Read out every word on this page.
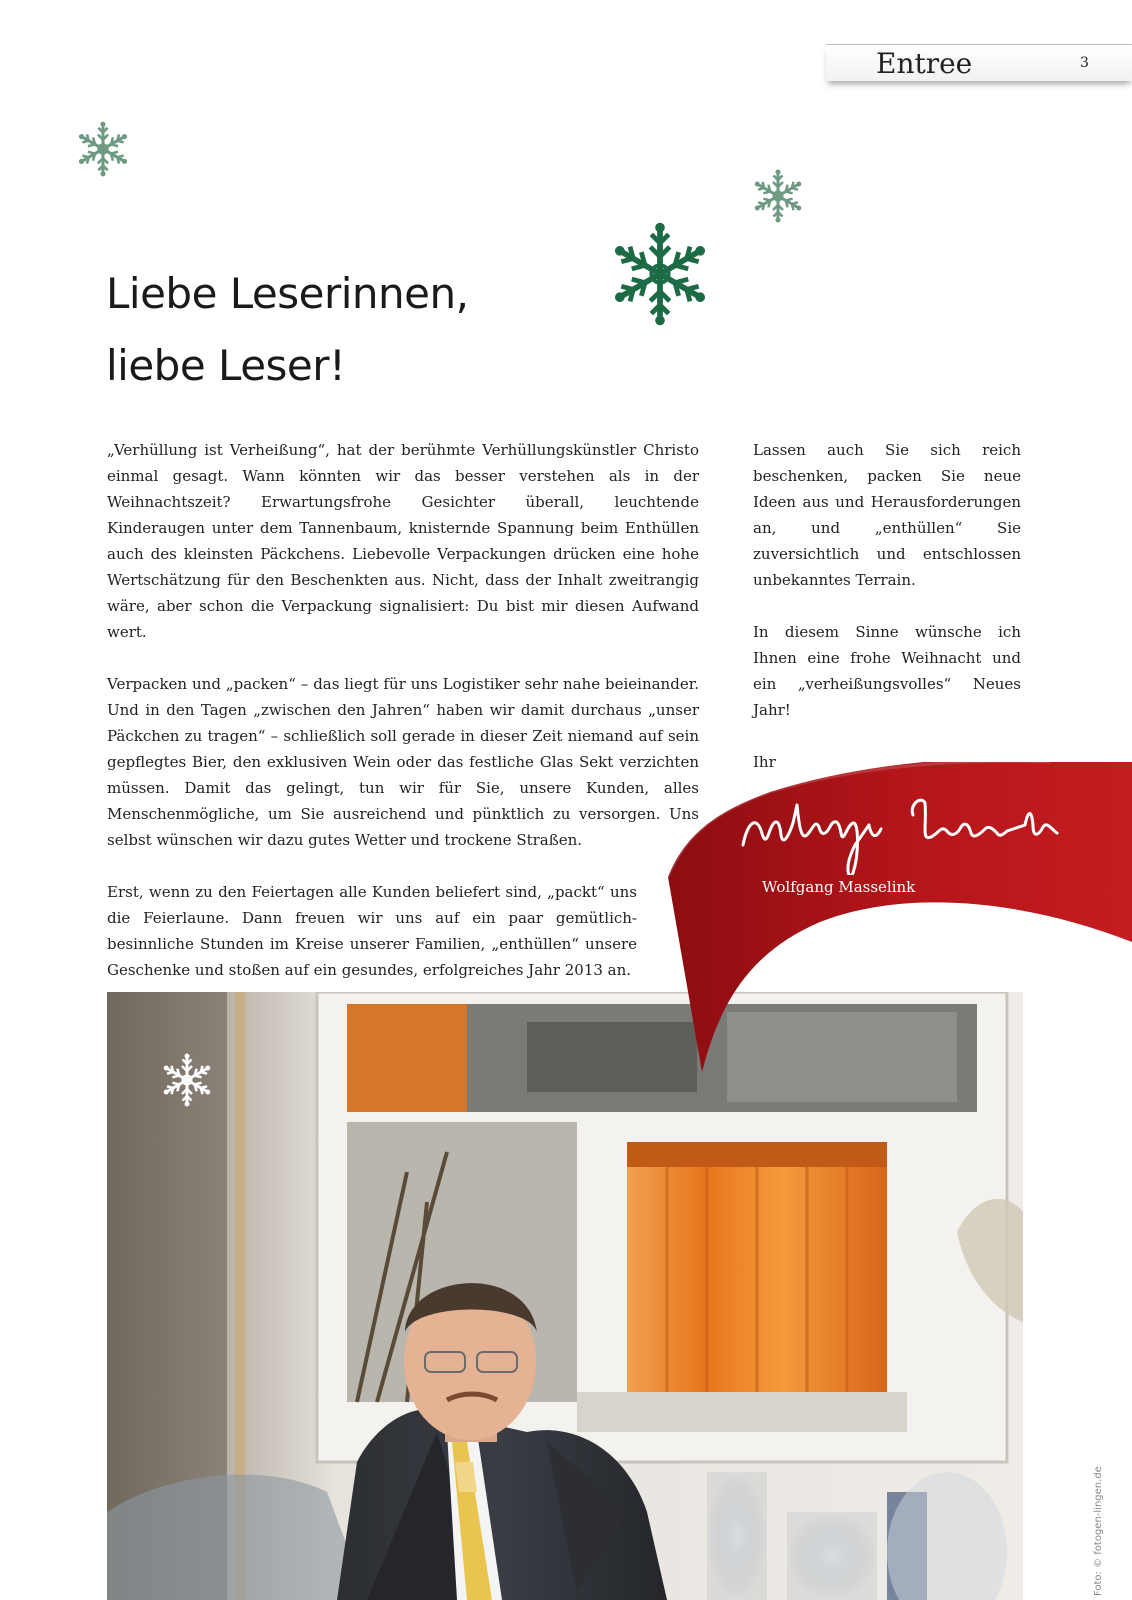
Entree	3
Liebe Leserinnen,
liebe Leser!

„Verhüllung ist Verheißung“, hat der berühmte Verhüllungskünstler Christo einmal gesagt. Wann könnten wir das besser verstehen als in der Weihnachtszeit? Erwartungsfrohe Gesichter überall, leuchtende Kinderaugen unter dem Tannenbaum, knisternde Spannung beim Enthüllen auch des kleinsten Päckchens. Liebevolle Verpackungen drücken eine hohe Wertschätzung für den Beschenkten aus. Nicht, dass der Inhalt zweitrangig wäre, aber schon die Verpackung signalisiert: Du bist mir diesen Aufwand wert.

Verpacken und „packen“ – das liegt für uns Logistiker sehr nahe beieinander. Und in den Tagen „zwischen den Jahren“ haben wir damit durchaus „unser Päckchen zu tragen“ – schließlich soll gerade in dieser Zeit niemand auf sein gepflegtes Bier, den exklusiven Wein oder das festliche Glas Sekt verzichten müssen. Damit das gelingt, tun wir für Sie, unsere Kunden, alles Menschenmögliche, um Sie ausreichend und pünktlich zu versorgen. Uns selbst wünschen wir dazu gutes Wetter und trockene Straßen.

Erst, wenn zu den Feiertagen alle Kunden beliefert sind, „packt“ uns die Feierlaune. Dann freuen wir uns auf ein paar gemütlich-besinnliche Stunden im Kreise unserer Familien, „enthüllen“ unsere Geschenke und stoßen auf ein gesundes, erfolgreiches Jahr 2013 an.

Lassen auch Sie sich reich beschenken, packen Sie neue Ideen aus und Herausforderungen an, und „enthüllen“ Sie zuversichtlich und entschlossen unbekanntes Terrain.

In diesem Sinne wünsche ich Ihnen eine frohe Weihnacht und ein „verheißungsvolles“ Neues Jahr!

Ihr

Wolfgang Masselink
Foto: © fotogen-lingen.de
